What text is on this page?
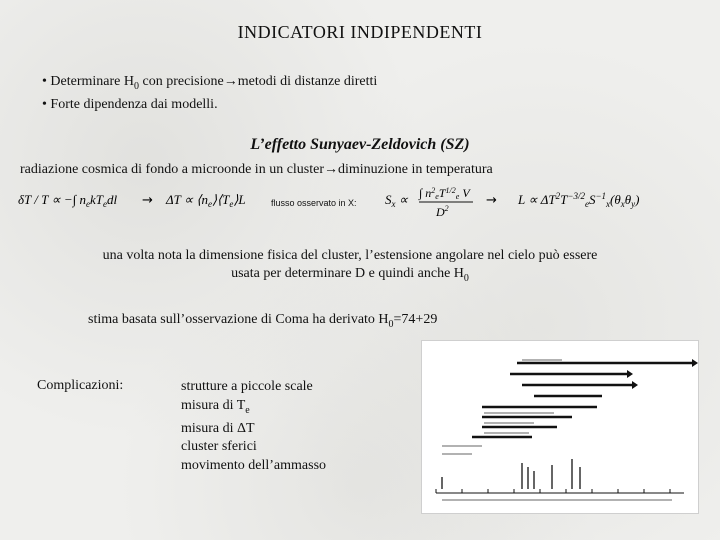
INDICATORI INDIPENDENTI
• Determinare $H_0$ con precisione→metodi di distanze diretti
• Forte dipendenza dai modelli.
L’effetto Sunyaev-Zeldovich (SZ)
radiazione cosmica di fondo a microonde in un cluster→diminuzione in temperatura
δT / T ∝ −∫ $n_ekT_edl \to \Delta T$ ∝ $⟨n_e⟩⟨T_e⟩L$	$S_x$ ∝ ∫ $n^2_eT^{1/2}_e$ V
$D^2$
→ $L \propto \Delta T^2T^{-3/2}_eS^{-1}_x(\theta_x\theta_y)$
flusso osservato in X:
una volta nota la dimensione fisica del cluster, l’estensione angolare nel cielo può essere
usata per determinare D e quindi anche $H_0$
stima basata sull’osservazione di Coma ha derivato $H_0=74+29$
Complicazioni:	strutture a piccole scale
misura di $T_e$
misura di ΔT
cluster sferici
movimento dell’ammasso
